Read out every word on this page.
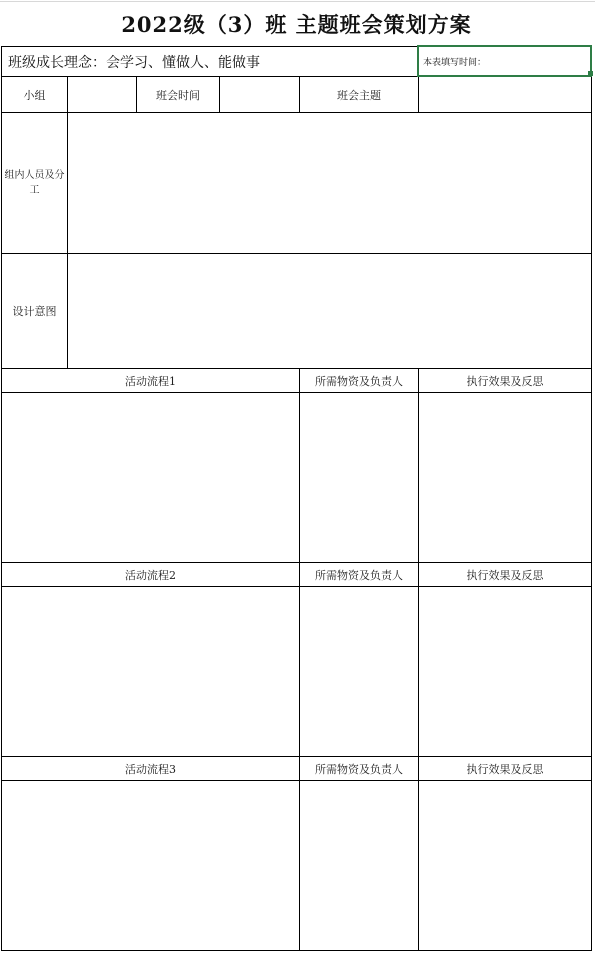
2022级（3）班 主题班会策划方案
班级成长理念：会学习、懂做人、能做事	本表填写时间：
小组	班会时间	班会主题
组内人员及分工
设计意图
活动流程1	所需物资及负责人	执行效果及反思
活动流程2	所需物资及负责人	执行效果及反思
活动流程3	所需物资及负责人	执行效果及反思
